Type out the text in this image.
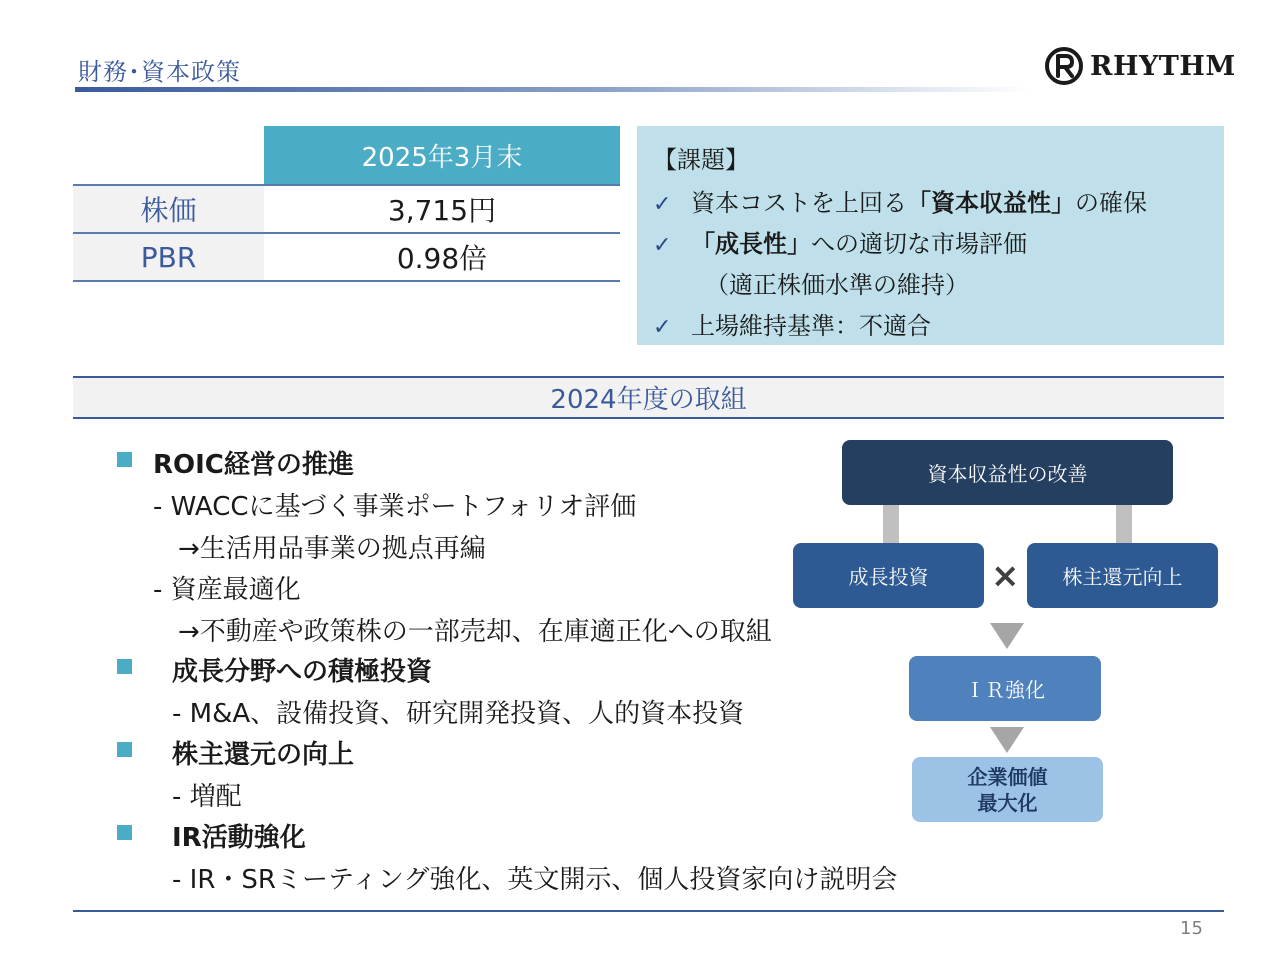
財務･資本政策	RHYTHM
2025年3月末
株価	3,715円
PBR	0.98倍
【課題】
✓ 資本コストを上回る「資本収益性」の確保
✓ 「成長性」への適切な市場評価
（適正株価水準の維持）
✓ 上場維持基準：不適合
2024年度の取組
ROIC経営の推進
- WACCに基づく事業ポートフォリオ評価
→生活用品事業の拠点再編
- 資産最適化
→不動産や政策株の一部売却、在庫適正化への取組
成長分野への積極投資
- M&A、設備投資、研究開発投資、人的資本投資
株主還元の向上
- 増配
IR活動強化
- IR・SRミーティング強化、英文開示、個人投資家向け説明会
資本収益性の改善
成長投資	×	株主還元向上
ＩＲ強化
企業価値
最大化
15
